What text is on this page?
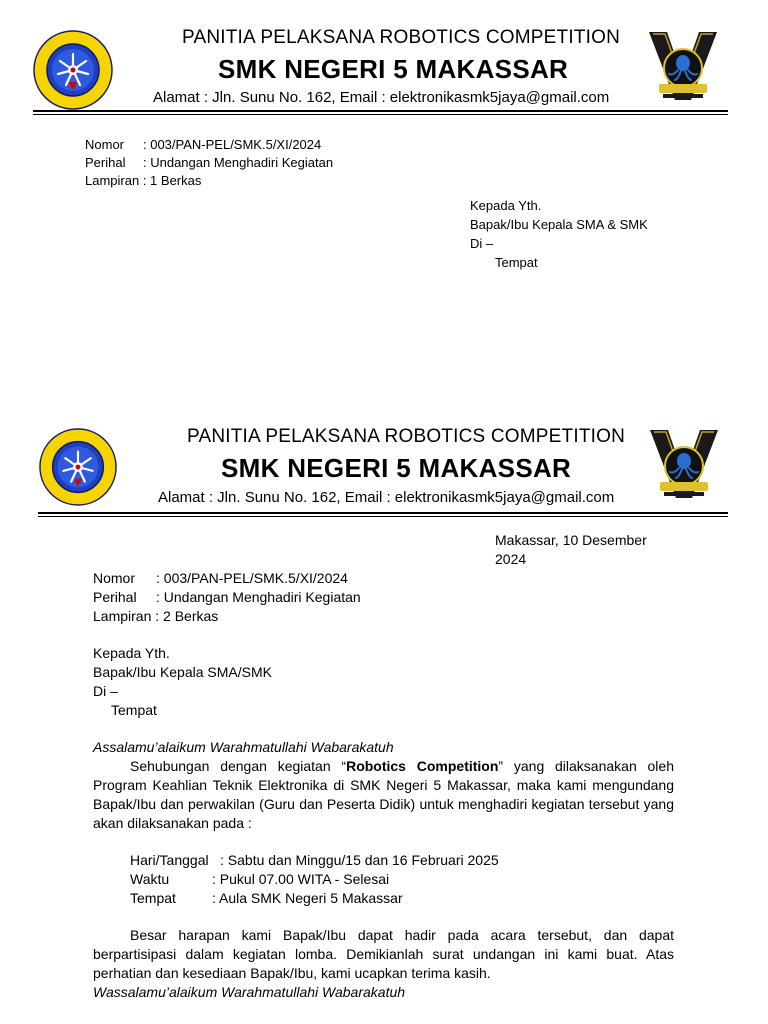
PANITIA PELAKSANA ROBOTICS COMPETITION
SMK NEGERI 5 MAKASSAR
Alamat : Jln. Sunu No. 162, Email : elektronikasmk5jaya@gmail.com
Nomor : 003/PAN-PEL/SMK.5/XI/2024
Perihal : Undangan Menghadiri Kegiatan
Lampiran : 1 Berkas
Kepada Yth.
Bapak/Ibu Kepala SMA & SMK
Di –
Tempat
PANITIA PELAKSANA ROBOTICS COMPETITION
SMK NEGERI 5 MAKASSAR
Alamat : Jln. Sunu No. 162, Email : elektronikasmk5jaya@gmail.com
Makassar, 10 Desember
2024
Nomor : 003/PAN-PEL/SMK.5/XI/2024
Perihal : Undangan Menghadiri Kegiatan
Lampiran : 2 Berkas
Kepada Yth.
Bapak/Ibu Kepala SMA/SMK
Di –
Tempat
Assalamu’alaikum Warahmatullahi Wabarakatuh
Sehubungan dengan kegiatan “Robotics Competition” yang dilaksanakan oleh
Program Keahlian Teknik Elektronika di SMK Negeri 5 Makassar, maka kami mengundang
Bapak/Ibu dan perwakilan (Guru dan Peserta Didik) untuk menghadiri kegiatan tersebut yang
akan dilaksanakan pada :
Hari/Tanggal : Sabtu dan Minggu/15 dan 16 Februari 2025
Waktu	: Pukul 07.00 WITA - Selesai
Tempat	: Aula SMK Negeri 5 Makassar
Besar harapan kami Bapak/Ibu dapat hadir pada acara tersebut, dan dapat
berpartisipasi dalam kegiatan lomba. Demikianlah surat undangan ini kami buat. Atas
perhatian dan kesediaan Bapak/Ibu, kami ucapkan terima kasih.
Wassalamu’alaikum Warahmatullahi Wabarakatuh
